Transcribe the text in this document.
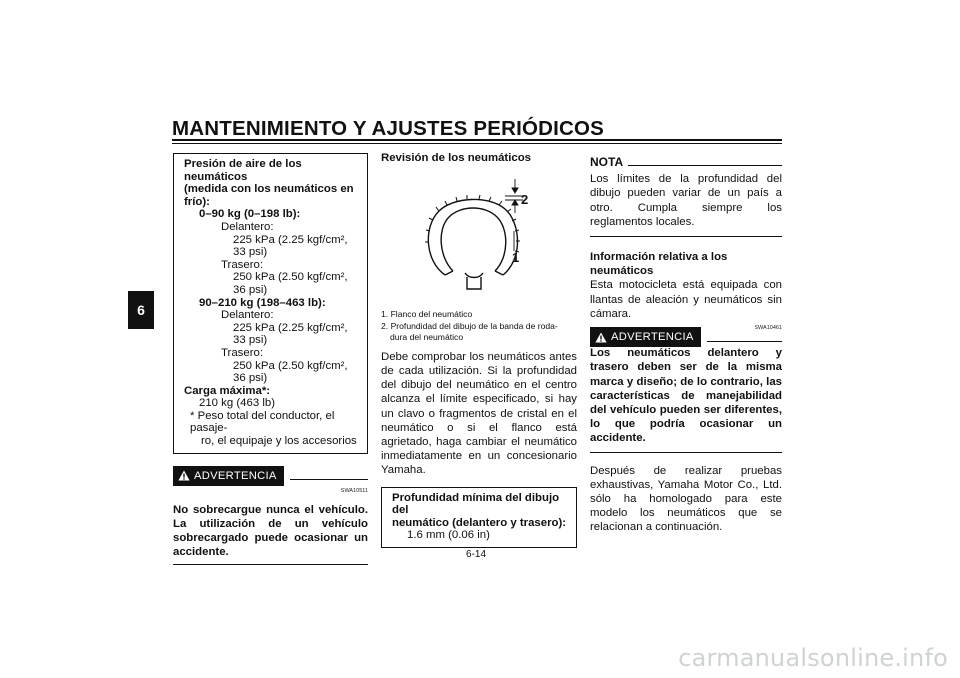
MANTENIMIENTO Y AJUSTES PERIÓDICOS
6
Presión de aire de los neumáticos
(medida con los neumáticos en
frío):
0–90 kg (0–198 lb):
Delantero:
225 kPa (2.25 kgf/cm², 33 psi)
Trasero:
250 kPa (2.50 kgf/cm², 36 psi)
90–210 kg (198–463 lb):
Delantero:
225 kPa (2.25 kgf/cm², 33 psi)
Trasero:
250 kPa (2.50 kgf/cm², 36 psi)
Carga máxima*:
210 kg (463 lb)
* Peso total del conductor, el pasaje-
ro, el equipaje y los accesorios
ADVERTENCIA
SWA10511
No sobrecargue nunca el vehículo. La utilización de un vehículo sobrecargado puede ocasionar un accidente.
Revisión de los neumáticos
2
1
1. Flanco del neumático
2. Profundidad del dibujo de la banda de roda-
dura del neumático
Debe comprobar los neumáticos antes de cada utilización. Si la profundidad del dibujo del neumático en el centro alcanza el límite especificado, si hay un clavo o fragmentos de cristal en el neumático o si el flanco está agrietado, haga cambiar el neumático inmediatamente en un concesionario Yamaha.
Profundidad mínima del dibujo del
neumático (delantero y trasero):
1.6 mm (0.06 in)
NOTA
Los límites de la profundidad del dibujo pueden variar de un país a otro. Cumpla siempre los reglamentos locales.
Información relativa a los neumáticos
Esta motocicleta está equipada con llantas de aleación y neumáticos sin cámara.
ADVERTENCIA
SWA10461
Los neumáticos delantero y trasero deben ser de la misma marca y diseño; de lo contrario, las características de manejabilidad del vehículo pueden ser diferentes, lo que podría ocasionar un accidente.
Después de realizar pruebas exhaustivas, Yamaha Motor Co., Ltd. sólo ha homologado para este modelo los neumáticos que se relacionan a continuación.
6-14
carmanualsonline.info
